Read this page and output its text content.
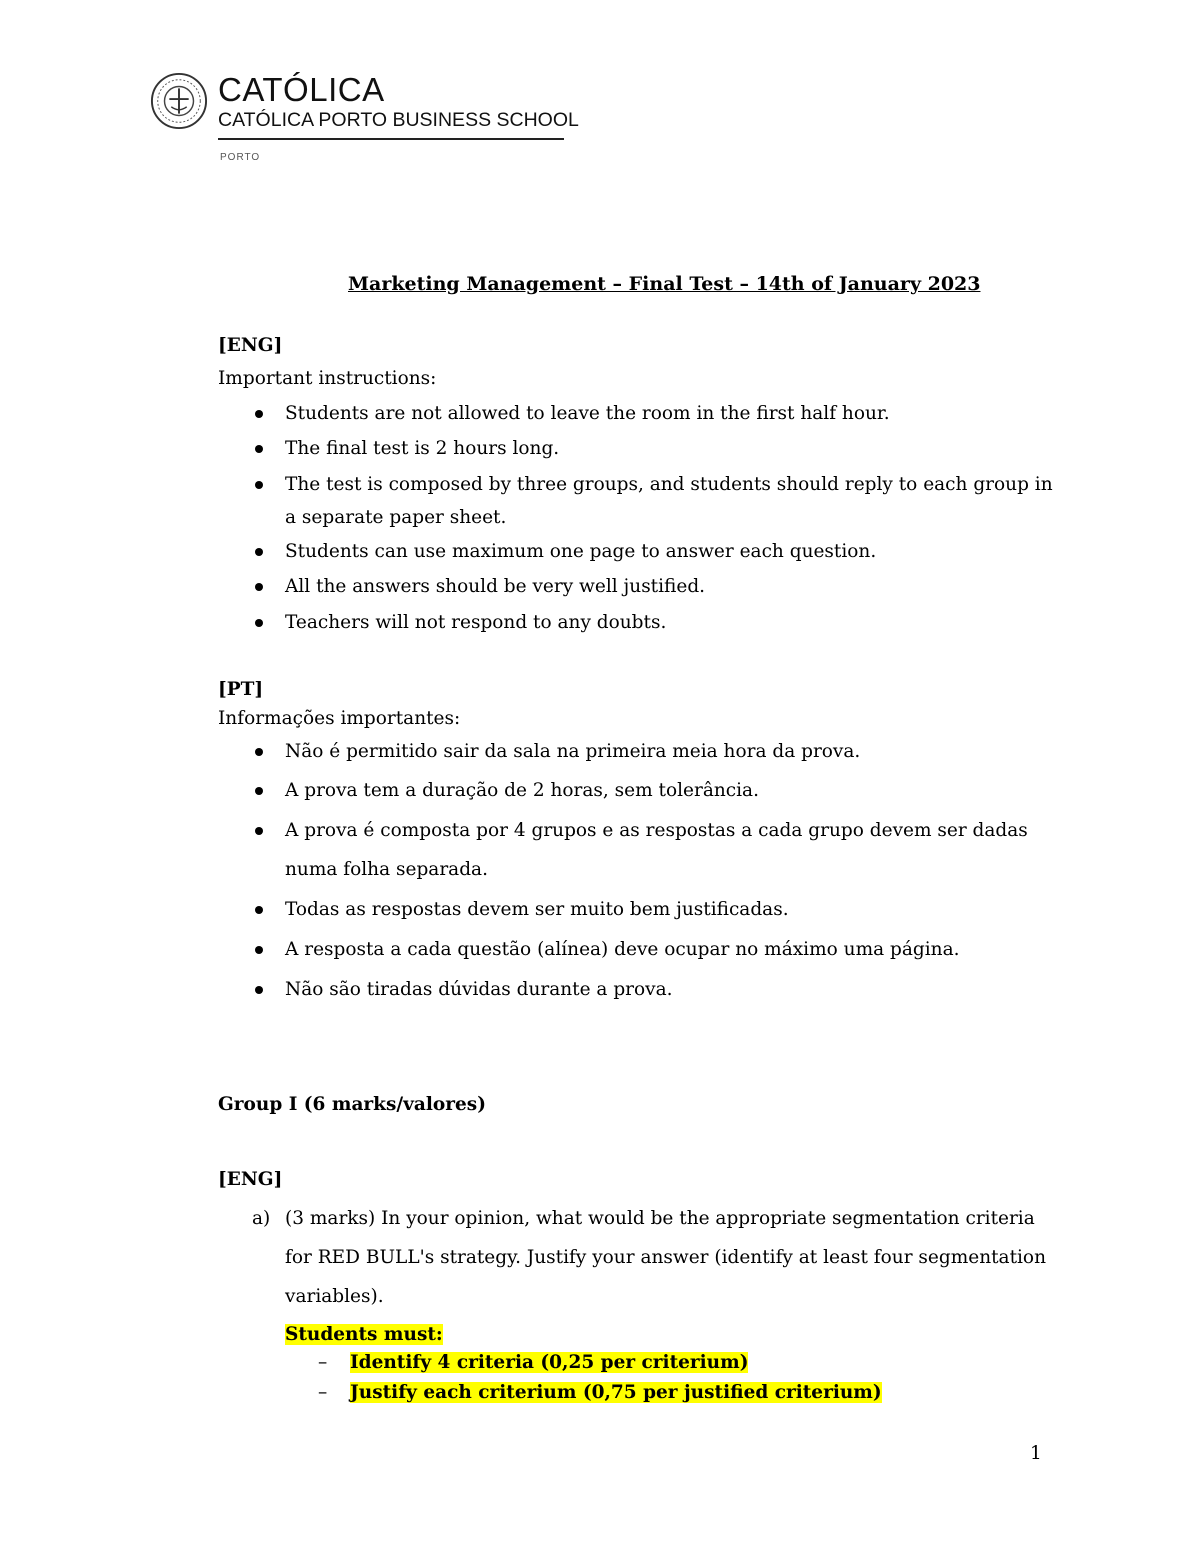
CATÓLICA
CATÓLICA PORTO BUSINESS SCHOOL
PORTO
Marketing Management – Final Test – 14th of January 2023
[ENG]
Important instructions:
Students are not allowed to leave the room in the first half hour.
The final test is 2 hours long.
The test is composed by three groups, and students should reply to each group in
a separate paper sheet.
Students can use maximum one page to answer each question.
All the answers should be very well justified.
Teachers will not respond to any doubts.
[PT]
Informações importantes:
Não é permitido sair da sala na primeira meia hora da prova.
A prova tem a duração de 2 horas, sem tolerância.
A prova é composta por 4 grupos e as respostas a cada grupo devem ser dadas
numa folha separada.
Todas as respostas devem ser muito bem justificadas.
A resposta a cada questão (alínea) deve ocupar no máximo uma página.
Não são tiradas dúvidas durante a prova.
Group I (6 marks/valores)
[ENG]
a) (3 marks) In your opinion, what would be the appropriate segmentation criteria
for RED BULL's strategy. Justify your answer (identify at least four segmentation
variables).
Students must:
– Identify 4 criteria (0,25 per criterium)
– Justify each criterium (0,75 per justified criterium)
1
